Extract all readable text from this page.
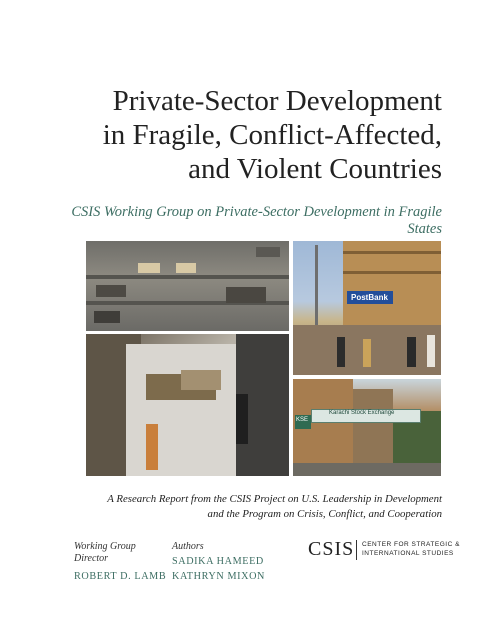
Private-Sector Development
in Fragile, Conflict-Affected,
and Violent Countries
CSIS Working Group on Private-Sector Development in Fragile States
PostBank
Karachi Stock Exchange
KSE
A Research Report from the CSIS Project on U.S. Leadership in Development
and the Program on Crisis, Conflict, and Cooperation
Working Group
Director
ROBERT D. LAMB
Authors
SADIKA HAMEED
KATHRYN MIXON
CSIS CENTER FOR STRATEGIC &
INTERNATIONAL STUDIES
